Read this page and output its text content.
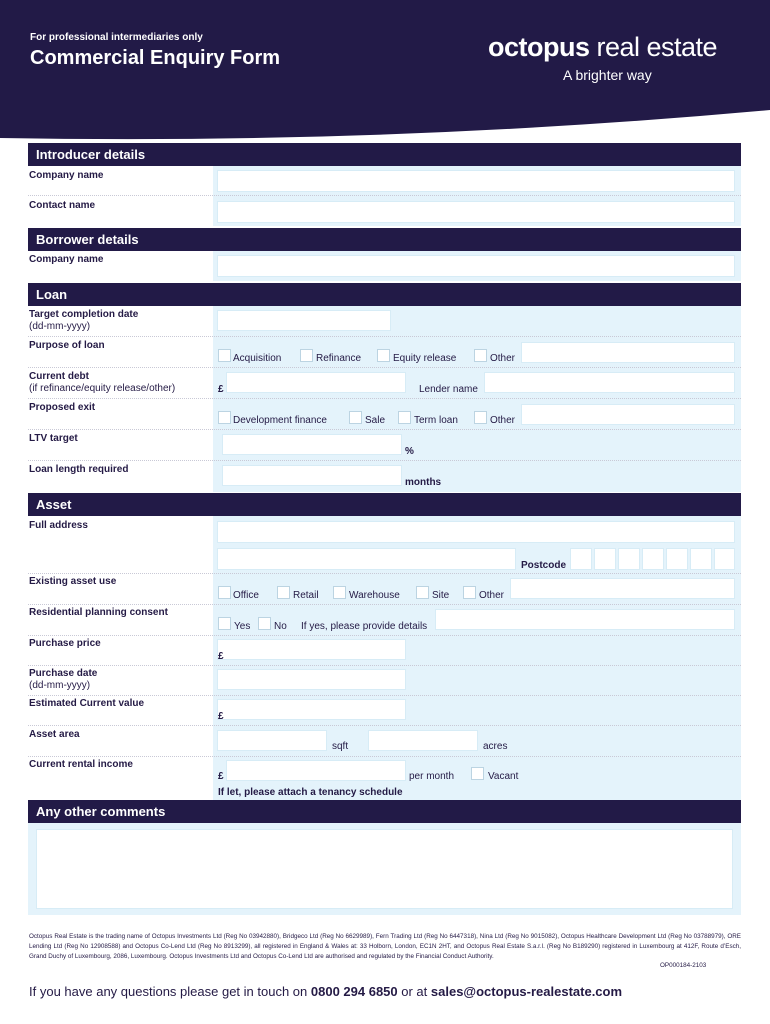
For professional intermediaries only
Commercial Enquiry Form	octopus real estate
A brighter way
Introducer details
Company name
Contact name
Borrower details
Company name
Loan
Target completion date
(dd-mm-yyyy)
Purpose of loan
Acquisition	Refinance	Equity release	Other
Current debt
(if refinance/equity release/other)	£	Lender name
Proposed exit
Development finance	Sale	Term loan	Other
LTV target
%
Loan length required
months
Asset
Full address
Postcode
Existing asset use
Office	Retail	Warehouse	Site	Other
Residential planning consent
Yes No If yes, please provide details
Purchase price
£
Purchase date
(dd-mm-yyyy)
Estimated Current value
£
Asset area
sqft	acres
Current rental income
£	per month	Vacant
If let, please attach a tenancy schedule
Any other comments
Octopus Real Estate is the trading name of Octopus Investments Ltd (Reg No 03942880), Bridgeco Ltd (Reg No 6629989), Fern Trading Ltd (Reg No 6447318), Nina Ltd (Reg No 9015082), Octopus Healthcare Development Ltd (Reg No 03788979), ORE Lending Ltd (Reg No 12908588) and Octopus Co-Lend Ltd (Reg No 8913299), all registered in England & Wales at: 33 Holborn, London, EC1N 2HT, and Octopus Real Estate S.a.r.l. (Reg No B189290) registered in Luxembourg at 412F, Route d’Esch, Grand Duchy of Luxembourg, 2086, Luxembourg. Octopus Investments Ltd and Octopus Co-Lend Ltd are authorised and regulated by the Financial Conduct Authority.
OP000184-2103
If you have any questions please get in touch on 0800 294 6850 or at sales@octopus-realestate.com
